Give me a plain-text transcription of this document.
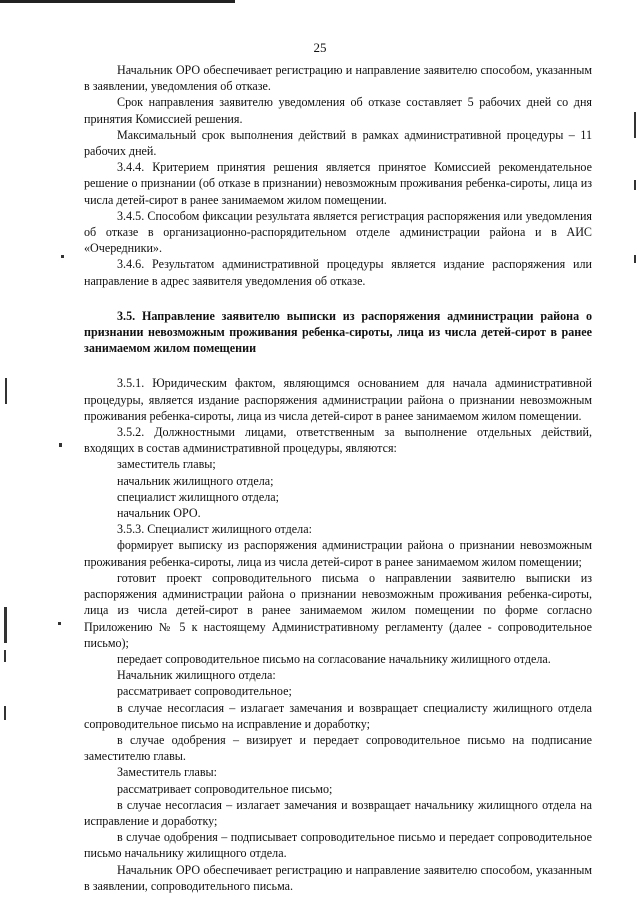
25

Начальник ОРО обеспечивает регистрацию и направление заявителю способом, указанным в заявлении, уведомления об отказе.

Срок направления заявителю уведомления об отказе составляет 5 рабочих дней со дня принятия Комиссией решения.

Максимальный срок выполнения действий в рамках административной процедуры – 11 рабочих дней.

3.4.4. Критерием принятия решения является принятое Комиссией рекомендательное решение о признании (об отказе в признании) невозможным проживания ребенка-сироты, лица из числа детей-сирот в ранее занимаемом жилом помещении.

3.4.5. Способом фиксации результата является регистрация распоряжения или уведомления об отказе в организационно-распорядительном отделе администрации района и в АИС «Очередники».

3.4.6. Результатом административной процедуры является издание распоряжения или направление в адрес заявителя уведомления об отказе.

3.5. Направление заявителю выписки из распоряжения администрации района о признании невозможным проживания ребенка-сироты, лица из числа детей-сирот в ранее занимаемом жилом помещении

3.5.1. Юридическим фактом, являющимся основанием для начала административной процедуры, является издание распоряжения администрации района о признании невозможным проживания ребенка-сироты, лица из числа детей-сирот в ранее занимаемом жилом помещении.

3.5.2. Должностными лицами, ответственным за выполнение отдельных действий, входящих в состав административной процедуры, являются:

заместитель главы;

начальник жилищного отдела;

специалист жилищного отдела;

начальник ОРО.

3.5.3. Специалист жилищного отдела:

формирует выписку из распоряжения администрации района о признании невозможным проживания ребенка-сироты, лица из числа детей-сирот в ранее занимаемом жилом помещении;

готовит проект сопроводительного письма о направлении заявителю выписки из распоряжения администрации района о признании невозможным проживания ребенка-сироты, лица из числа детей-сирот в ранее занимаемом жилом помещении по форме согласно Приложению № 5 к настоящему Административному регламенту (далее - сопроводительное письмо);

передает сопроводительное письмо на согласование начальнику жилищного отдела.

Начальник жилищного отдела:

рассматривает сопроводительное;

в случае несогласия – излагает замечания и возвращает специалисту жилищного отдела сопроводительное письмо на исправление и доработку;

в случае одобрения – визирует и передает сопроводительное письмо на подписание заместителю главы.

Заместитель главы:

рассматривает сопроводительное письмо;

в случае несогласия – излагает замечания и возвращает начальнику жилищного отдела на исправление и доработку;

в случае одобрения – подписывает сопроводительное письмо и передает сопроводительное письмо начальнику жилищного отдела.

Начальник ОРО обеспечивает регистрацию и направление заявителю способом, указанным в заявлении, сопроводительного письма.
